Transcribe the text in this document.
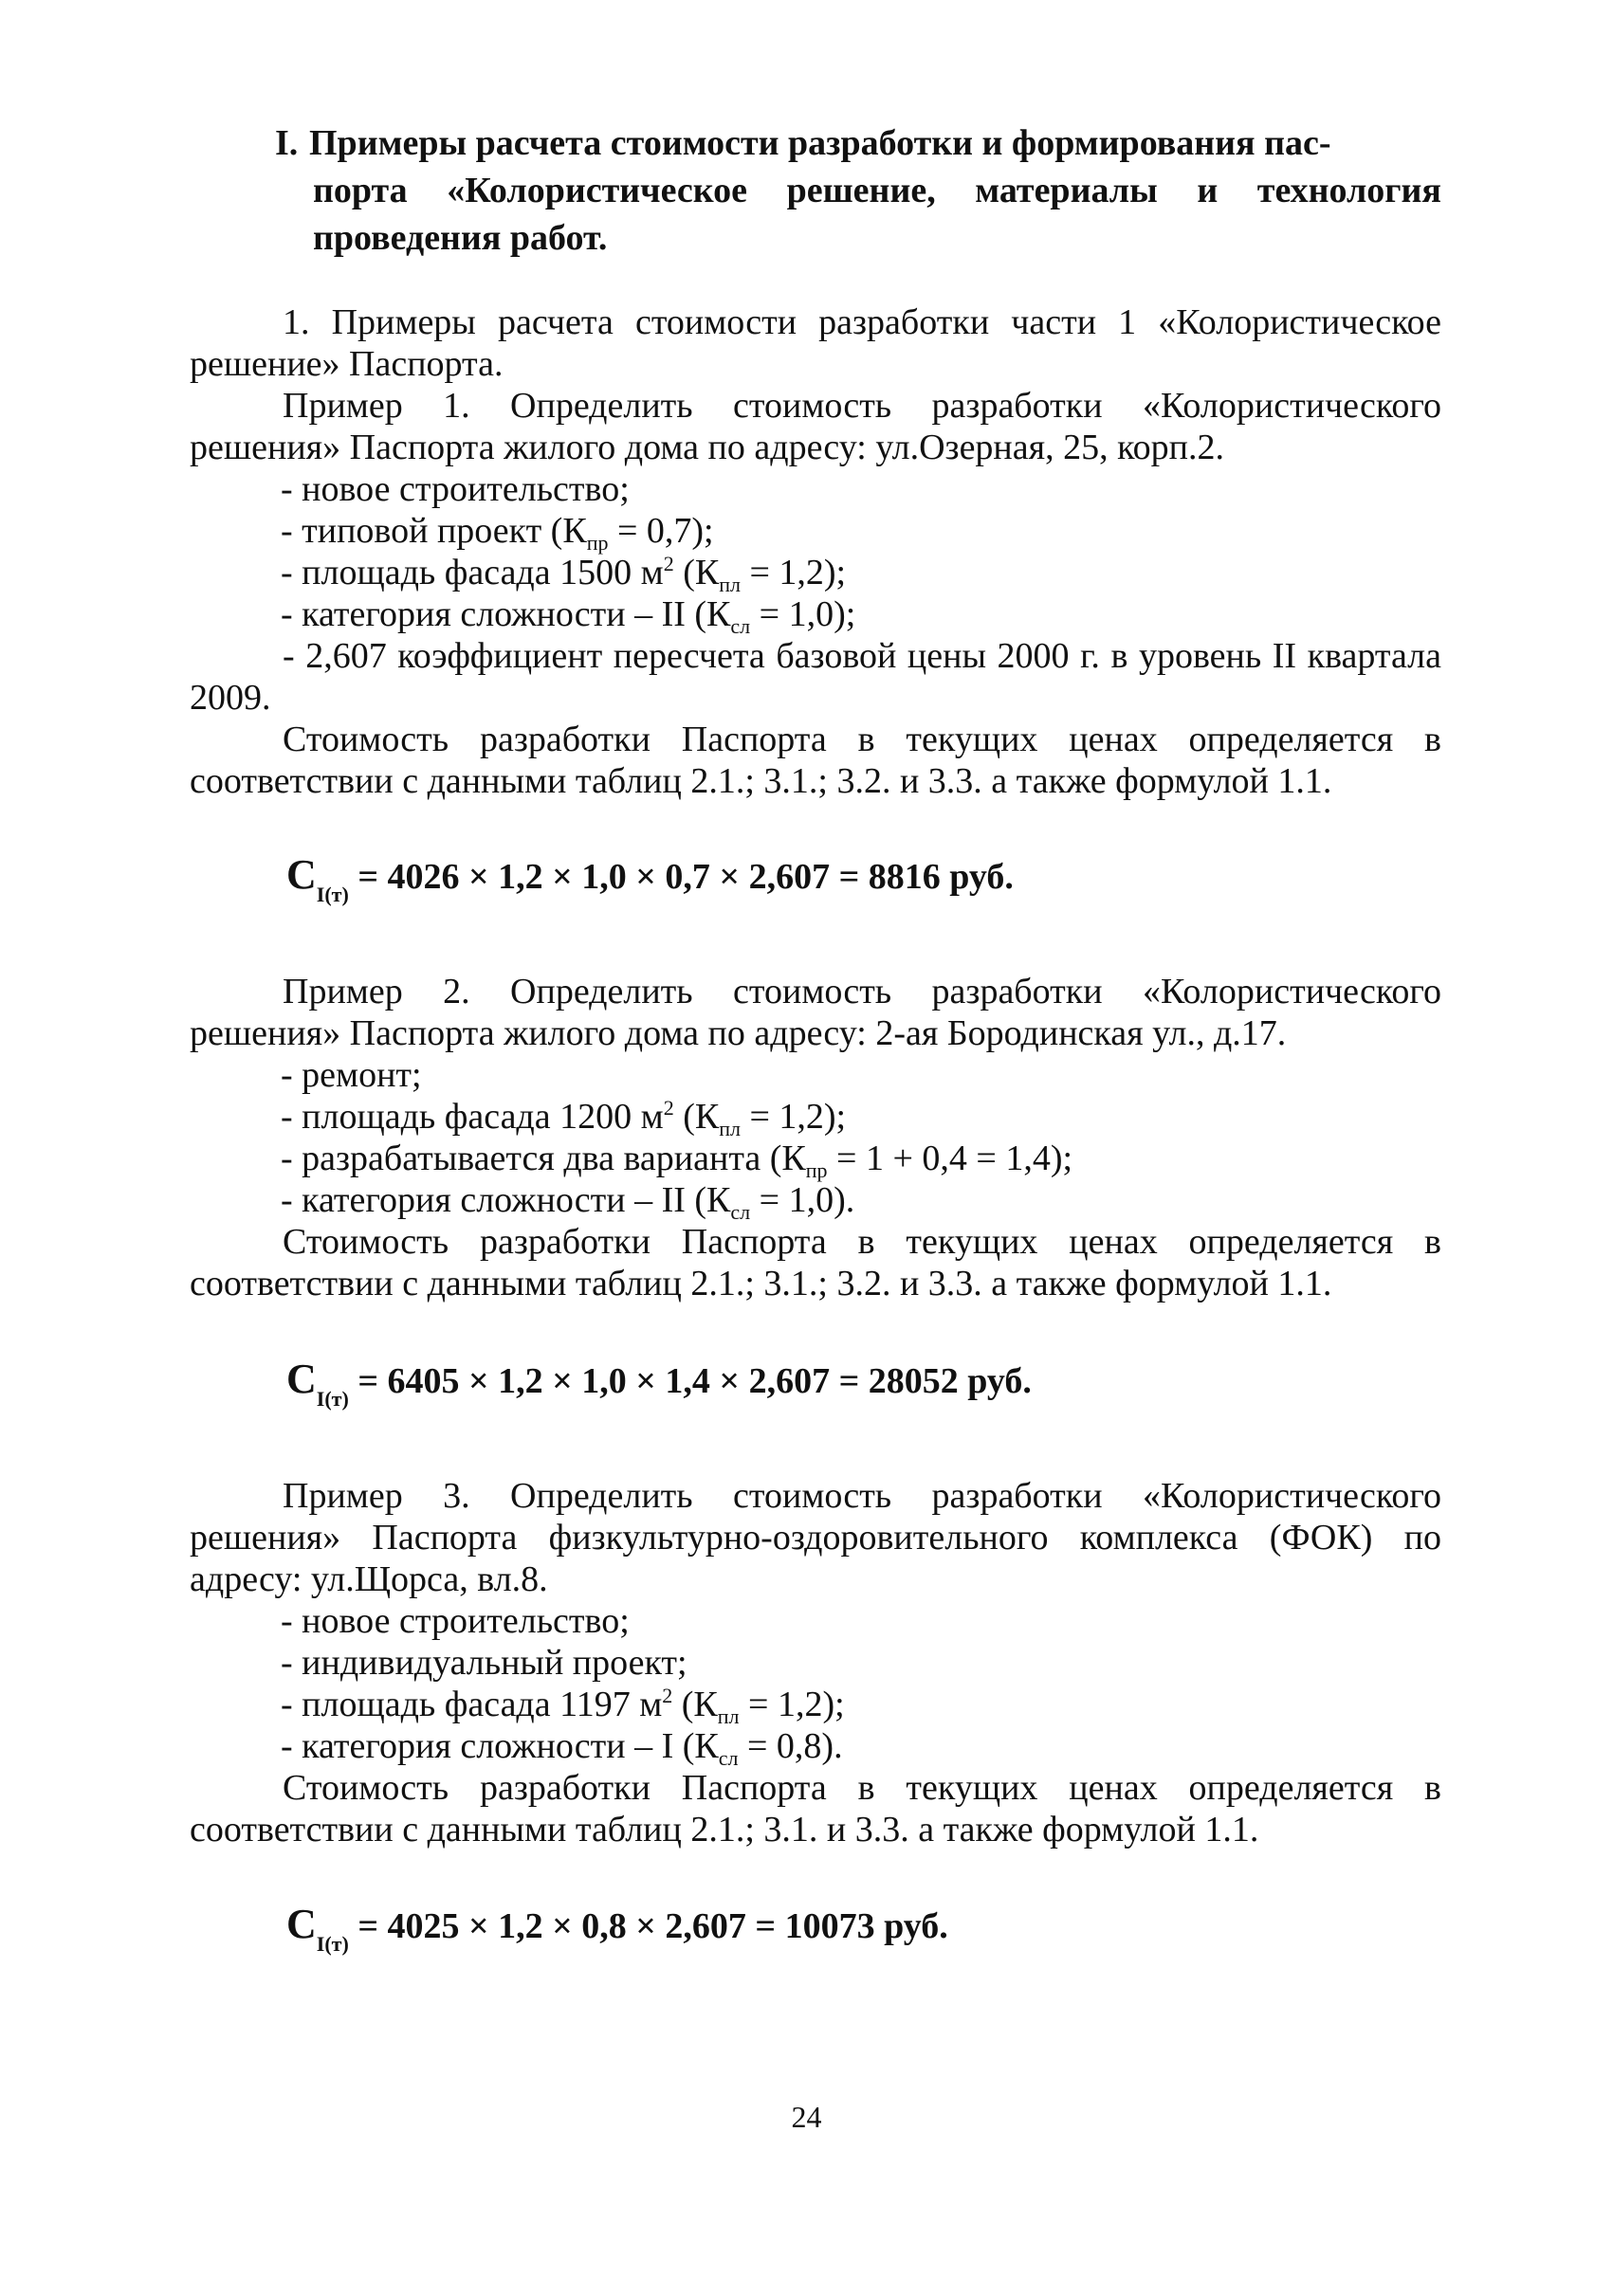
I. Примеры расчета стоимости разработки и формирования пас-
порта «Колористическое решение, материалы и технология проведения работ.
1. Примеры расчета стоимости разработки части 1 «Колористическое решение» Паспорта.
Пример 1. Определить стоимость разработки «Колористического решения» Паспорта жилого дома по адресу: ул.Озерная, 25, корп.2.
- новое строительство;
- типовой проект $(К_{пр} = 0,7)$;
- площадь фасада 1500 $м^2$ $(К_{пл} = 1,2)$;
- категория сложности – II $(К_{сл} = 1,0)$;
- 2,607 коэффициент пересчета базовой цены 2000 г. в уровень II квартала 2009.
Стоимость разработки Паспорта в текущих ценах определяется в соответствии с данными таблиц 2.1.; 3.1.; 3.2. и 3.3. а также формулой 1.1.
$С_{I(т)} = 4026 \times 1,2 \times 1,0 \times 0,7 \times 2,607 = 8816$ руб.
Пример 2. Определить стоимость разработки «Колористического решения» Паспорта жилого дома по адресу: 2-ая Бородинская ул., д.17.
- ремонт;
- площадь фасада 1200 $м^2$ $(К_{пл} = 1,2)$;
- разрабатывается два варианта $(К_{пр} = 1 + 0,4 = 1,4)$;
- категория сложности – II $(К_{сл} = 1,0)$.
Стоимость разработки Паспорта в текущих ценах определяется в соответствии с данными таблиц 2.1.; 3.1.; 3.2. и 3.3. а также формулой 1.1.
$С_{I(т)} = 6405 \times 1,2 \times 1,0 \times 1,4 \times 2,607 = 28052$ руб.
Пример 3. Определить стоимость разработки «Колористического решения» Паспорта физкультурно-оздоровительного комплекса (ФОК) по адресу: ул.Щорса, вл.8.
- новое строительство;
- индивидуальный проект;
- площадь фасада 1197 $м^2$ $(К_{пл} = 1,2)$;
- категория сложности – I $(К_{сл} = 0,8)$.
Стоимость разработки Паспорта в текущих ценах определяется в соответствии с данными таблиц 2.1.; 3.1. и 3.3. а также формулой 1.1.
$С_{I(т)} = 4025 \times 1,2 \times 0,8 \times 2,607 = 10073$ руб.
24
